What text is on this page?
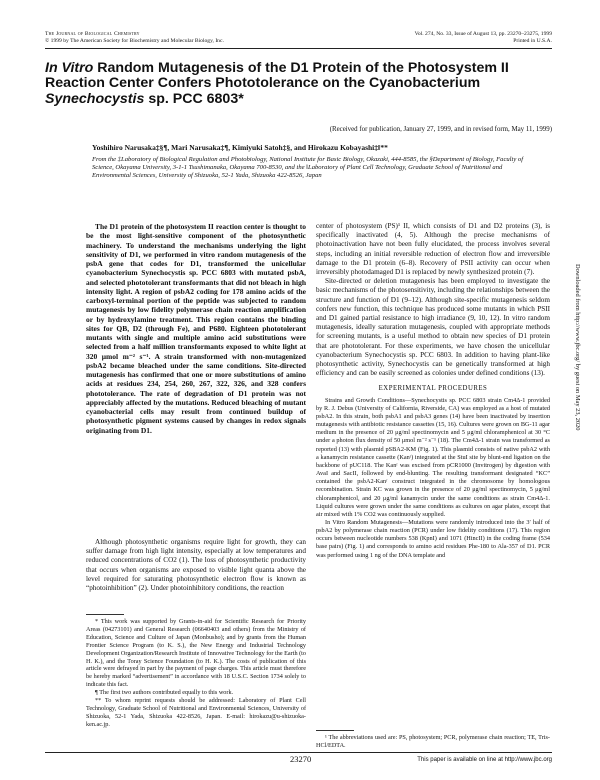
The Journal of Biological Chemistry
© 1999 by The American Society for Biochemistry and Molecular Biology, Inc.
Vol. 274, No. 33, Issue of August 13, pp. 23270–23275, 1999
Printed in U.S.A.
In Vitro Random Mutagenesis of the D1 Protein of the Photosystem II Reaction Center Confers Phototolerance on the Cyanobacterium Synechocystis sp. PCC 6803*
(Received for publication, January 27, 1999, and in revised form, May 11, 1999)
Yoshihiro Narusaka‡§¶, Mari Narusaka‡¶, Kimiyuki Satoh‡§, and Hirokazu Kobayashi‡‖**
From the ‡Laboratory of Biological Regulation and Photobiology, National Institute for Basic Biology, Okazaki, 444-8585, the §Department of Biology, Faculty of Science, Okayama University, 3-1-1 Tsushimanaka, Okayama 700-8530, and the ‖Laboratory of Plant Cell Technology, Graduate School of Nutritional and Environmental Sciences, University of Shizuoka, 52-1 Yada, Shizuoka 422-8526, Japan
The D1 protein of the photosystem II reaction center is thought to be the most light-sensitive component of the photosynthetic machinery. To understand the mechanisms underlying the light sensitivity of D1, we performed in vitro random mutagenesis of the psbA gene that codes for D1, transformed the unicellular cyanobacterium Synechocystis sp. PCC 6803 with mutated psbA, and selected phototolerant transformants that did not bleach in high intensity light. A region of psbA2 coding for 178 amino acids of the carboxyl-terminal portion of the peptide was subjected to random mutagenesis by low fidelity polymerase chain reaction amplification or by hydroxylamine treatment. This region contains the binding sites for QB, D2 (through Fe), and P680. Eighteen phototolerant mutants with single and multiple amino acid substitutions were selected from a half million transformants exposed to white light at 320 μmol m⁻² s⁻¹. A strain transformed with non-mutagenized psbA2 became bleached under the same conditions. Site-directed mutagenesis has confirmed that one or more substitutions of amino acids at residues 234, 254, 260, 267, 322, 326, and 328 confers phototolerance. The rate of degradation of D1 protein was not appreciably affected by the mutations. Reduced bleaching of mutant cyanobacterial cells may result from continued buildup of photosynthetic pigment systems caused by changes in redox signals originating from D1.

Although photosynthetic organisms require light for growth, they can suffer damage from high light intensity, especially at low temperatures and reduced concentrations of CO2 (1). The loss of photosynthetic productivity that occurs when organisms are exposed to visible light quanta above the level required for saturating photosynthetic electron flow is known as “photoinhibition” (2). Under photoinhibitory conditions, the reaction

center of photosystem (PS)¹ II, which consists of D1 and D2 proteins (3), is specifically inactivated (4, 5). Although the precise mechanisms of photoinactivation have not been fully elucidated, the process involves several steps, including an initial reversible reduction of electron flow and irreversible damage to the D1 protein (6–8). Recovery of PSII activity can occur when irreversibly photodamaged D1 is replaced by newly synthesized protein (7).

Site-directed or deletion mutagenesis has been employed to investigate the basic mechanisms of the photosensitivity, including the relationships between the structure and function of D1 (9–12). Although site-specific mutagenesis seldom confers new function, this technique has produced some mutants in which PSII and D1 gained partial resistance to high irradiance (9, 10, 12). In vitro random mutagenesis, ideally saturation mutagenesis, coupled with appropriate methods for screening mutants, is a useful method to obtain new species of D1 protein that are phototolerant. For these experiments, we have chosen the unicellular cyanobacterium Synechocystis sp. PCC 6803. In addition to having plant-like photosynthetic activity, Synechocystis can be genetically transformed at high efficiency and can be easily screened as colonies under defined conditions (13).

EXPERIMENTAL PROCEDURES

Strains and Growth Conditions—Synechocystis sp. PCC 6803 strain Cm4Δ-1 provided by R. J. Debus (University of California, Riverside, CA) was employed as a host of mutated psbA2. In this strain, both psbA1 and psbA3 genes (14) have been inactivated by insertion mutagenesis with antibiotic resistance cassettes (15, 16). Cultures were grown on BG-11 agar medium in the presence of 20 μg/ml spectinomycin and 5 μg/ml chloramphenicol at 30 °C under a photon flux density of 50 μmol m⁻² s⁻¹ (18). The Cm4Δ-1 strain was transformed as reported (13) with plasmid pSBA2-KM (Fig. 1). This plasmid consists of native psbA2 with a kanamycin resistance cassette (Kanʳ) integrated at the StuI site by blunt-end ligation on the backbone of pUC118. The Kanʳ was excised from pCR1000 (Invitrogen) by digestion with AvaI and SacII, followed by end-blunting. The resulting transformant designated “KC” contained the psbA2-Kanʳ construct integrated in the chromosome by homologous recombination. Strain KC was grown in the presence of 20 μg/ml spectinomycin, 5 μg/ml chloramphenicol, and 20 μg/ml kanamycin under the same conditions as strain Cm4Δ-1. Liquid cultures were grown under the same conditions as cultures on agar plates, except that air mixed with 1% CO2 was continuously supplied.

In Vitro Random Mutagenesis—Mutations were randomly introduced into the 3′ half of psbA2 by polymerase chain reaction (PCR) under low fidelity conditions (17). This region occurs between nucleotide numbers 538 (KpnI) and 1071 (HincII) in the coding frame (534 base pairs) (Fig. 1) and corresponds to amino acid residues Phe-180 to Ala-357 of D1. PCR was performed using 1 ng of the DNA template and

* This work was supported by Grants-in-aid for Scientific Research for Priority Areas (04273101) and General Research (06640403 and others) from the Ministry of Education, Science and Culture of Japan (Monbusho); and by grants from the Human Frontier Science Program (to K. S.), the New Energy and Industrial Technology Development Organization/Research Institute of Innovative Technology for the Earth (to H. K.), and the Toray Science Foundation (to H. K.). The costs of publication of this article were defrayed in part by the payment of page charges. This article must therefore be hereby marked “advertisement” in accordance with 18 U.S.C. Section 1734 solely to indicate this fact.

¶ The first two authors contributed equally to this work.

** To whom reprint requests should be addressed: Laboratory of Plant Cell Technology, Graduate School of Nutritional and Environmental Sciences, University of Shizuoka, 52-1 Yada, Shizuoka 422-8526, Japan. E-mail: hirokazu@u-shizuoka-ken.ac.jp.

¹ The abbreviations used are: PS, photosystem; PCR, polymerase chain reaction; TE, Tris-HCl/EDTA.

23270	This paper is available on line at http://www.jbc.org
Downloaded from http://www.jbc.org/ by guest on May 23, 2020
